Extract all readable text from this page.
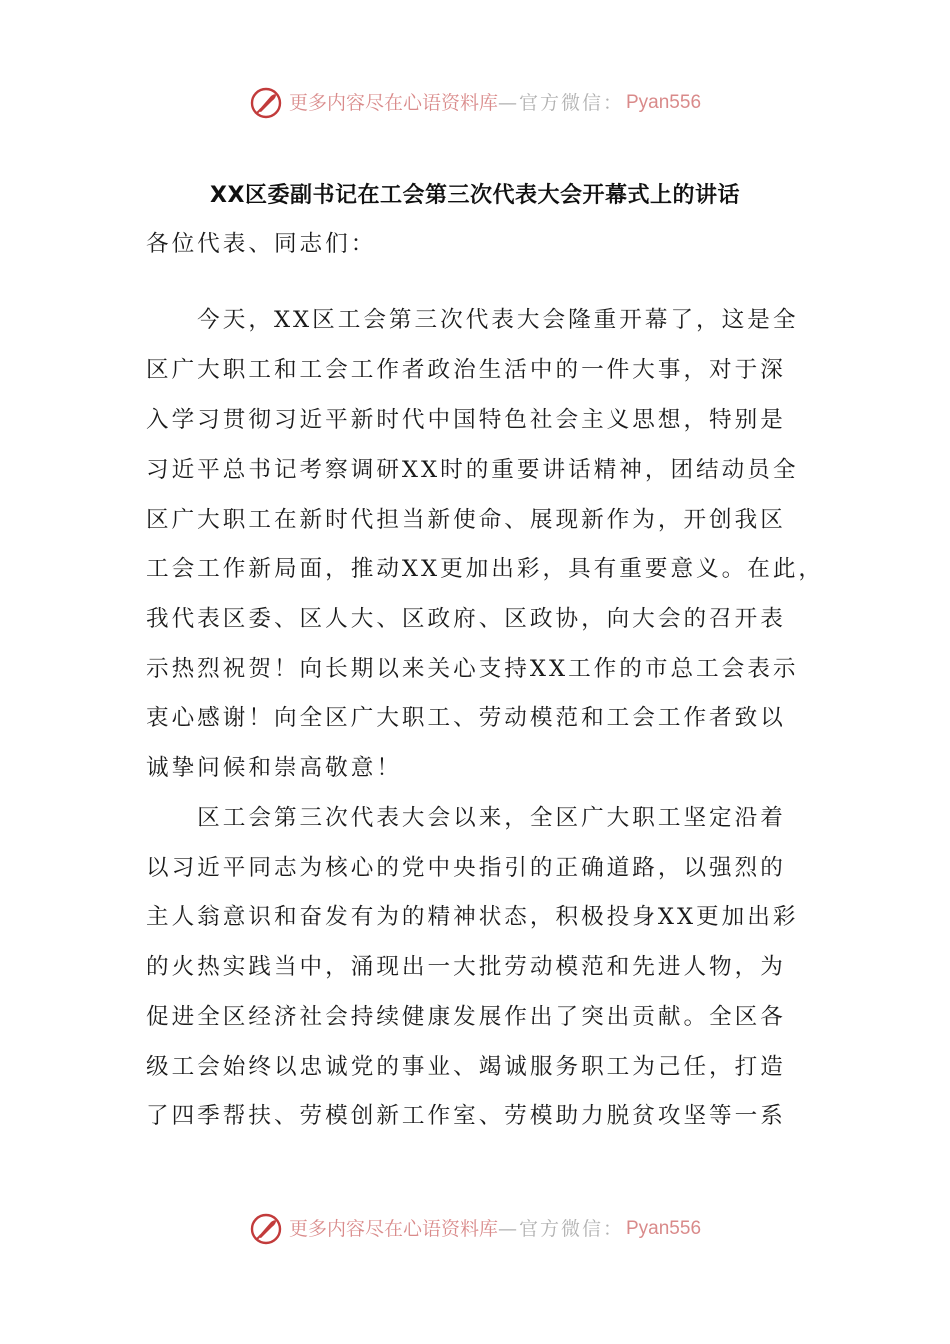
更多内容尽在心语资料库 —官方微信： Pyan556
XX区委副书记在工会第三次代表大会开幕式上的讲话
各位代表、同志们：
　　今天，XX区工会第三次代表大会隆重开幕了，这是全
区广大职工和工会工作者政治生活中的一件大事，对于深
入学习贯彻习近平新时代中国特色社会主义思想，特别是
习近平总书记考察调研XX时的重要讲话精神，团结动员全
区广大职工在新时代担当新使命、展现新作为，开创我区
工会工作新局面，推动XX更加出彩，具有重要意义。在此，
我代表区委、区人大、区政府、区政协，向大会的召开表
示热烈祝贺！向长期以来关心支持XX工作的市总工会表示
衷心感谢！向全区广大职工、劳动模范和工会工作者致以
诚挚问候和崇高敬意！
　　区工会第三次代表大会以来，全区广大职工坚定沿着
以习近平同志为核心的党中央指引的正确道路，以强烈的
主人翁意识和奋发有为的精神状态，积极投身XX更加出彩
的火热实践当中，涌现出一大批劳动模范和先进人物，为
促进全区经济社会持续健康发展作出了突出贡献。全区各
级工会始终以忠诚党的事业、竭诚服务职工为己任，打造
了四季帮扶、劳模创新工作室、劳模助力脱贫攻坚等一系
更多内容尽在心语资料库 —官方微信： Pyan556
